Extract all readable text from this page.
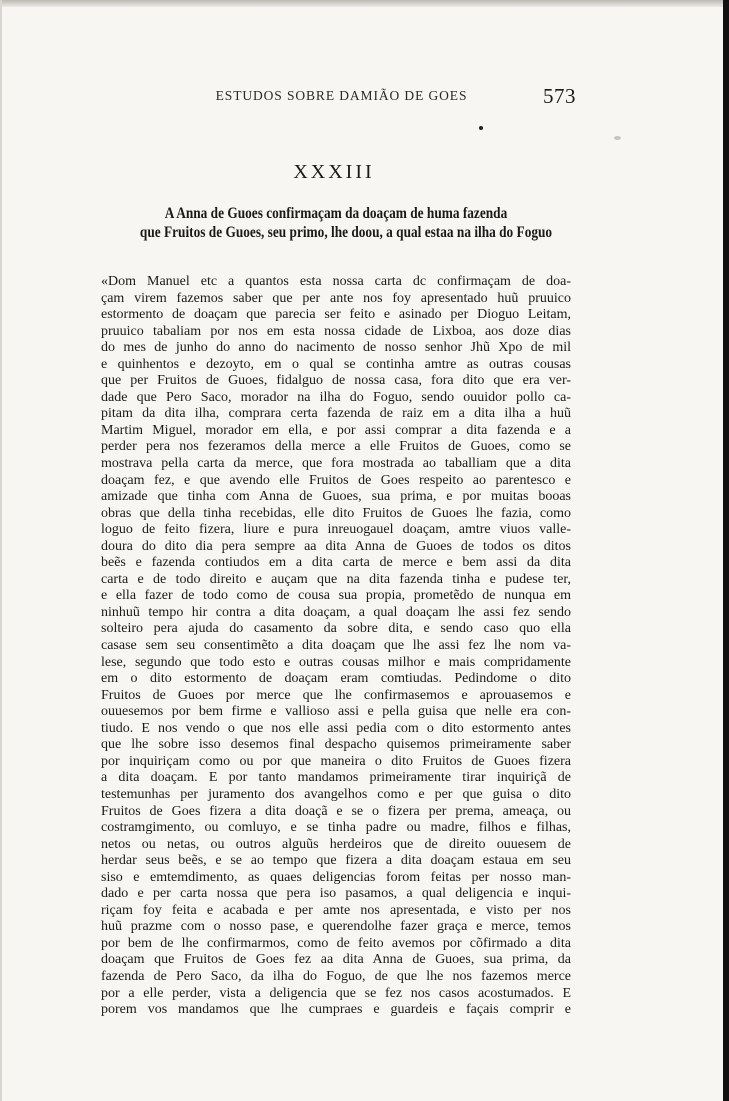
ESTUDOS SOBRE DAMIÃO DE GOES	573
XXXIII
A Anna de Guoes confirmaçam da doaçam de huma fazenda
que Fruitos de Guoes, seu primo, lhe doou, a qual estaa na ilha do Foguo
«Dom Manuel etc a quantos esta nossa carta dc confirmaçam de doa-
çam virem fazemos saber que per ante nos foy apresentado huũ pruuico
estormento de doaçam que parecia ser feito e asinado per Dioguo Leitam,
pruuico tabaliam por nos em esta nossa cidade de Lixboa, aos doze dias
do mes de junho do anno do nacimento de nosso senhor Jhũ Xpo de mil
e quinhentos e dezoyto, em o qual se continha amtre as outras cousas
que per Fruitos de Guoes, fidalguo de nossa casa, fora dito que era ver-
dade que Pero Saco, morador na ilha do Foguo, sendo ouuidor pollo ca-
pitam da dita ilha, comprara certa fazenda de raiz em a dita ilha a huũ
Martim Miguel, morador em ella, e por assi comprar a dita fazenda e a
perder pera nos fezeramos della merce a elle Fruitos de Guoes, como se
mostrava pella carta da merce, que fora mostrada ao taballiam que a dita
doaçam fez, e que avendo elle Fruitos de Goes respeito ao parentesco e
amizade que tinha com Anna de Guoes, sua prima, e por muitas booas
obras que della tinha recebidas, elle dito Fruitos de Guoes lhe fazia, como
loguo de feito fizera, liure e pura inreuogauel doaçam, amtre viuos valle-
doura do dito dia pera sempre aa dita Anna de Guoes de todos os ditos
beẽs e fazenda contiudos em a dita carta de merce e bem assi da dita
carta e de todo direito e auçam que na dita fazenda tinha e pudese ter,
e ella fazer de todo como de cousa sua propia, prometẽdo de nunqua em
ninhuũ tempo hir contra a dita doaçam, a qual doaçam lhe assi fez sendo
solteiro pera ajuda do casamento da sobre dita, e sendo caso quo ella
casase sem seu consentimẽto a dita doaçam que lhe assi fez lhe nom va-
lese, segundo que todo esto e outras cousas milhor e mais compridamente
em o dito estormento de doaçam eram comtiudas. Pedindome o dito
Fruitos de Guoes por merce que lhe confirmasemos e aprouasemos e
ouuesemos por bem firme e vallioso assi e pella guisa que nelle era con-
tiudo. E nos vendo o que nos elle assi pedia com o dito estormento antes
que lhe sobre isso desemos final despacho quisemos primeiramente saber
por inquiriçam como ou por que maneira o dito Fruitos de Guoes fizera
a dita doaçam. E por tanto mandamos primeiramente tirar inquiriçã de
testemunhas per juramento dos avangelhos como e per que guisa o dito
Fruitos de Goes fizera a dita doaçã e se o fizera per prema, ameaça, ou
costramgimento, ou comluyo, e se tinha padre ou madre, filhos e filhas,
netos ou netas, ou outros alguũs herdeiros que de direito ouuesem de
herdar seus beẽs, e se ao tempo que fizera a dita doaçam estaua em seu
siso e emtemdimento, as quaes deligencias forom feitas per nosso man-
dado e per carta nossa que pera iso pasamos, a qual deligencia e inqui-
riçam foy feita e acabada e per amte nos apresentada, e visto per nos
huũ prazme com o nosso pase, e querendolhe fazer graça e merce, temos
por bem de lhe confirmarmos, como de feito avemos por cõfirmado a dita
doaçam que Fruitos de Goes fez aa dita Anna de Guoes, sua prima, da
fazenda de Pero Saco, da ilha do Foguo, de que lhe nos fazemos merce
por a elle perder, vista a deligencia que se fez nos casos acostumados. E
porem vos mandamos que lhe cumpraes e guardeis e façais comprir e
